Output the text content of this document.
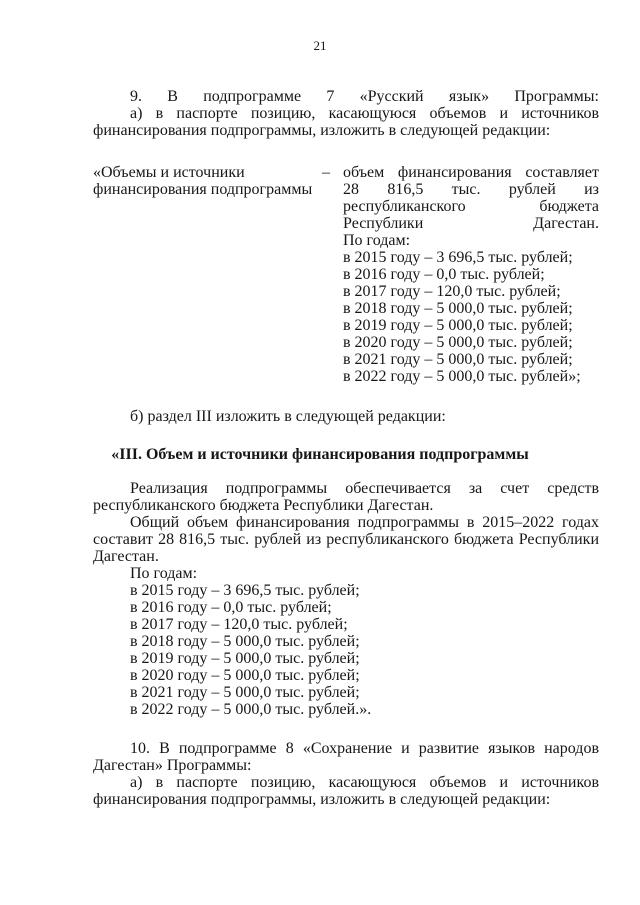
21
9. В подпрограмме 7 «Русский язык» Программы:
а) в паспорте позицию, касающуюся объемов и источников финансирования подпрограммы, изложить в следующей редакции:
«Объемы и источники финансирования подпрограммы
– объем финансирования составляет 28 816,5 тыс. рублей из республиканского бюджета Республики Дагестан.
По годам:
в 2015 году – 3 696,5 тыс. рублей;
в 2016 году – 0,0 тыс. рублей;
в 2017 году – 120,0 тыс. рублей;
в 2018 году – 5 000,0 тыс. рублей;
в 2019 году – 5 000,0 тыс. рублей;
в 2020 году – 5 000,0 тыс. рублей;
в 2021 году – 5 000,0 тыс. рублей;
в 2022 году – 5 000,0 тыс. рублей»;
б) раздел III изложить в следующей редакции:
«III. Объем и источники финансирования подпрограммы
Реализация подпрограммы обеспечивается за счет средств республиканского бюджета Республики Дагестан.
Общий объем финансирования подпрограммы в 2015–2022 годах составит 28 816,5 тыс. рублей из республиканского бюджета Республики Дагестан.
По годам:
в 2015 году – 3 696,5 тыс. рублей;
в 2016 году – 0,0 тыс. рублей;
в 2017 году – 120,0 тыс. рублей;
в 2018 году – 5 000,0 тыс. рублей;
в 2019 году – 5 000,0 тыс. рублей;
в 2020 году – 5 000,0 тыс. рублей;
в 2021 году – 5 000,0 тыс. рублей;
в 2022 году – 5 000,0 тыс. рублей.».
10. В подпрограмме 8 «Сохранение и развитие языков народов Дагестан» Программы:
а) в паспорте позицию, касающуюся объемов и источников финансирования подпрограммы, изложить в следующей редакции:
